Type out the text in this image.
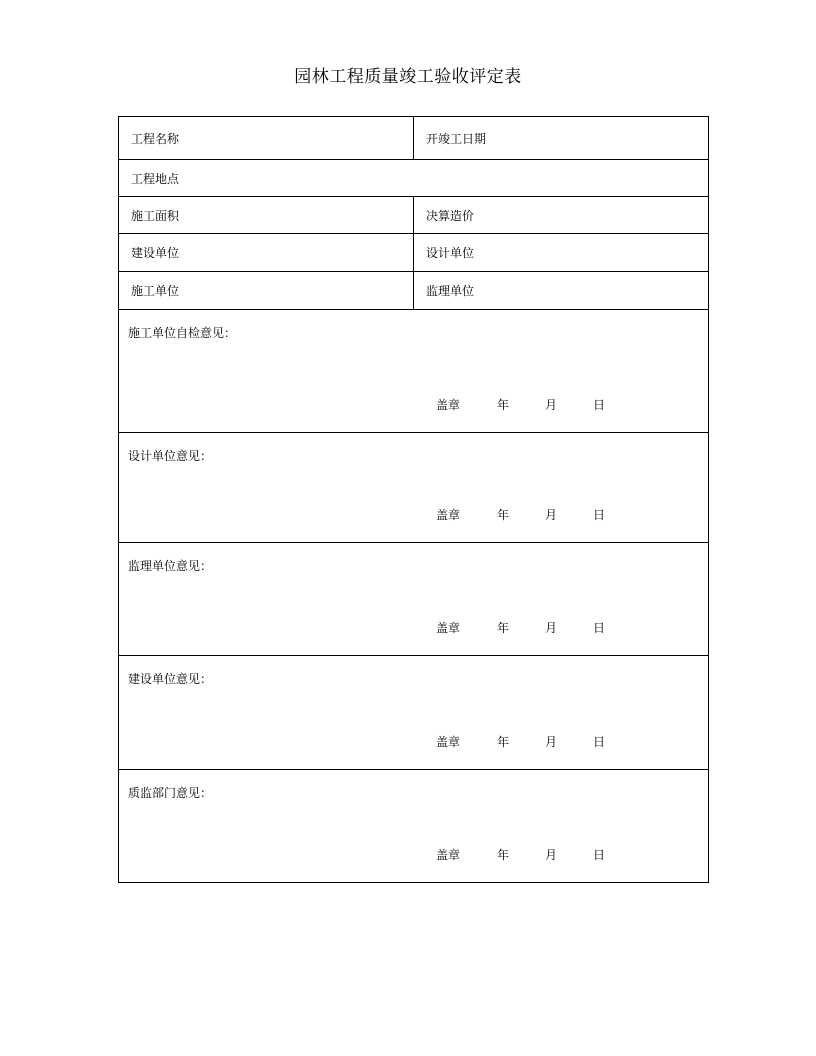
园林工程质量竣工验收评定表
工程名称	开竣工日期
工程地点
施工面积	决算造价
建设单位	设计单位
施工单位	监理单位
施工单位自检意见：
盖章	年	月	日
设计单位意见：
盖章	年	月	日
监理单位意见：
盖章	年	月	日
建设单位意见：
盖章	年	月	日
质监部门意见：
盖章	年	月	日
